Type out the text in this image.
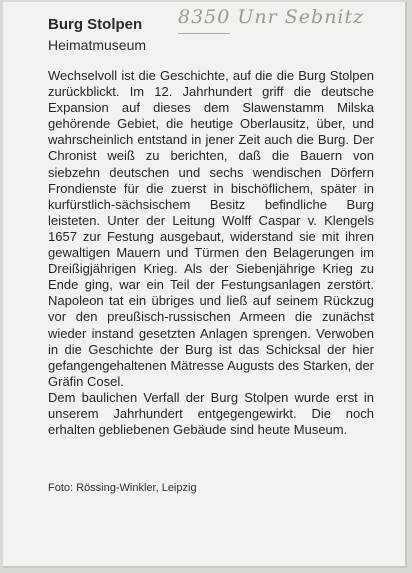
Burg Stolpen
Heimatmuseum
8350 Unr Sebnitz

Wechselvoll ist die Geschichte, auf die die Burg Stolpen zurückblickt. Im 12. Jahrhundert griff die deutsche Expansion auf dieses dem Slawenstamm Milska gehörende Gebiet, die heutige Oberlausitz, über, und wahrscheinlich entstand in jener Zeit auch die Burg. Der Chronist weiß zu berichten, daß die Bauern von siebzehn deutschen und sechs wendischen Dörfern Frondienste für die zuerst in bischöflichem, später in kurfürstlich-sächsischem Besitz befindliche Burg leisteten. Unter der Leitung Wolff Caspar v. Klengels 1657 zur Festung ausgebaut, widerstand sie mit ihren gewaltigen Mauern und Türmen den Belagerungen im Dreißigjährigen Krieg. Als der Siebenjährige Krieg zu Ende ging, war ein Teil der Festungsanlagen zerstört. Napoleon tat ein übriges und ließ auf seinem Rückzug vor den preußisch-russischen Armeen die zunächst wieder instand gesetzten Anlagen sprengen. Verwoben in die Geschichte der Burg ist das Schicksal der hier gefangengehaltenen Mätresse Augusts des Starken, der Gräfin Cosel.

Dem baulichen Verfall der Burg Stolpen wurde erst in unserem Jahrhundert entgegengewirkt. Die noch erhalten gebliebenen Gebäude sind heute Museum.

Foto: Rössing-Winkler, Leipzig
